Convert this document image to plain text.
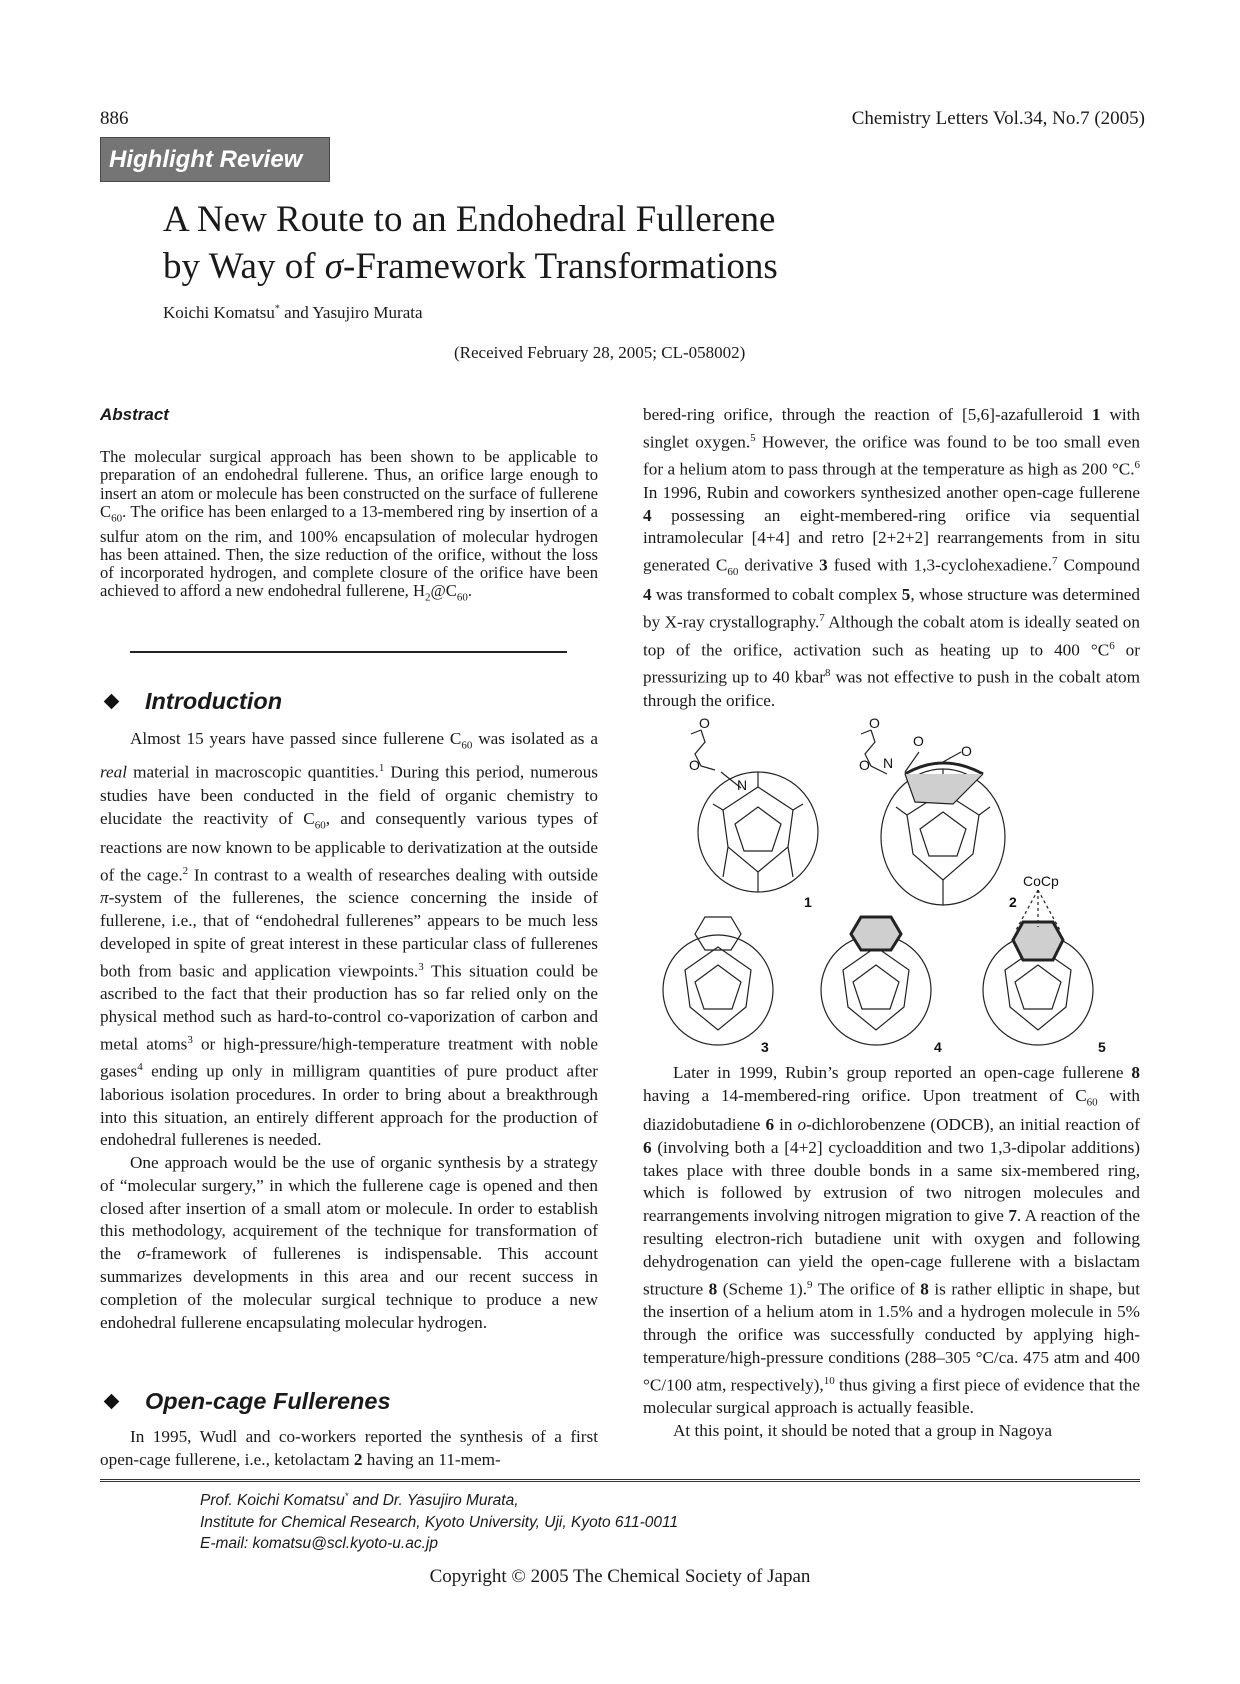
886	Chemistry Letters Vol.34, No.7 (2005)
Highlight Review
A New Route to an Endohedral Fullerene
by Way of σ-Framework Transformations
Koichi Komatsu* and Yasujiro Murata
(Received February 28, 2005; CL-058002)
Abstract
The molecular surgical approach has been shown to be applicable to preparation of an endohedral fullerene. Thus, an orifice large enough to insert an atom or molecule has been constructed on the surface of fullerene $C_{60}$. The orifice has been enlarged to a 13-membered ring by insertion of a sulfur atom on the rim, and 100% encapsulation of molecular hydrogen has been attained. Then, the size reduction of the orifice, without the loss of incorporated hydrogen, and complete closure of the orifice have been achieved to afford a new endohedral fullerene, $H_2@C_{60}$.
Introduction

Almost 15 years have passed since fullerene $C_{60}$ was isolated as a real material in macroscopic quantities.$^1$ During this period, numerous studies have been conducted in the field of organic chemistry to elucidate the reactivity of $C_{60}$, and consequently various types of reactions are now known to be applicable to derivatization at the outside of the cage.$^2$ In contrast to a wealth of researches dealing with outside π-system of the fullerenes, the science concerning the inside of fullerene, i.e., that of “endohedral fullerenes” appears to be much less developed in spite of great interest in these particular class of fullerenes both from basic and application viewpoints.$^3$ This situation could be ascribed to the fact that their production has so far relied only on the physical method such as hard-to-control co-vaporization of carbon and metal atoms$^3$ or high-pressure/high-temperature treatment with noble gases$^4$ ending up only in milligram quantities of pure product after laborious isolation procedures. In order to bring about a breakthrough into this situation, an entirely different approach for the production of endohedral fullerenes is needed.

One approach would be the use of organic synthesis by a strategy of “molecular surgery,” in which the fullerene cage is opened and then closed after insertion of a small atom or molecule. In order to establish this methodology, acquirement of the technique for transformation of the σ-framework of fullerenes is indispensable. This account summarizes developments in this area and our recent success in completion of the molecular surgical technique to produce a new endohedral fullerene encapsulating molecular hydrogen.

Open-cage Fullerenes

In 1995, Wudl and co-workers reported the synthesis of a first open-cage fullerene, i.e., ketolactam 2 having an 11-mem-

bered-ring orifice, through the reaction of [5,6]-azafulleroid 1 with singlet oxygen.$^5$ However, the orifice was found to be too small even for a helium atom to pass through at the temperature as high as 200 °C.$^6$ In 1996, Rubin and coworkers synthesized another open-cage fullerene 4 possessing an eight-membered-ring orifice via sequential intramolecular [4+4] and retro [2+2+2] rearrangements from in situ generated $C_{60}$ derivative 3 fused with 1,3-cyclohexadiene.$^7$ Compound 4 was transformed to cobalt complex 5, whose structure was determined by X-ray crystallography.$^7$ Although the cobalt atom is ideally seated on top of the orifice, activation such as heating up to 400 $^\circ C^6$ or pressurizing up to 40 kbar$^8$ was not effective to push in the cobalt atom through the orifice.

O
O
N
O
O N
O
O
CoCp
1	2
3	4	5

Later in 1999, Rubin’s group reported an open-cage fullerene 8 having a 14-membered-ring orifice. Upon treatment of $C_{60}$ with diazidobutadiene 6 in o-dichlorobenzene (ODCB), an initial reaction of 6 (involving both a [4+2] cycloaddition and two 1,3-dipolar additions) takes place with three double bonds in a same six-membered ring, which is followed by extrusion of two nitrogen molecules and rearrangements involving nitrogen migration to give 7. A reaction of the resulting electron-rich butadiene unit with oxygen and following dehydrogenation can yield the open-cage fullerene with a bislactam structure 8 (Scheme 1).$^9$ The orifice of 8 is rather elliptic in shape, but the insertion of a helium atom in 1.5% and a hydrogen molecule in 5% through the orifice was successfully conducted by applying high-temperature/high-pressure conditions (288–305 °C/ca. 475 atm and 400 °C/100 atm, respectively),$^{10}$ thus giving a first piece of evidence that the molecular surgical approach is actually feasible.

At this point, it should be noted that a group in Nagoya

Prof. Koichi Komatsu* and Dr. Yasujiro Murata,
Institute for Chemical Research, Kyoto University, Uji, Kyoto 611-0011
E-mail: komatsu@scl.kyoto-u.ac.jp
Copyright © 2005 The Chemical Society of Japan
